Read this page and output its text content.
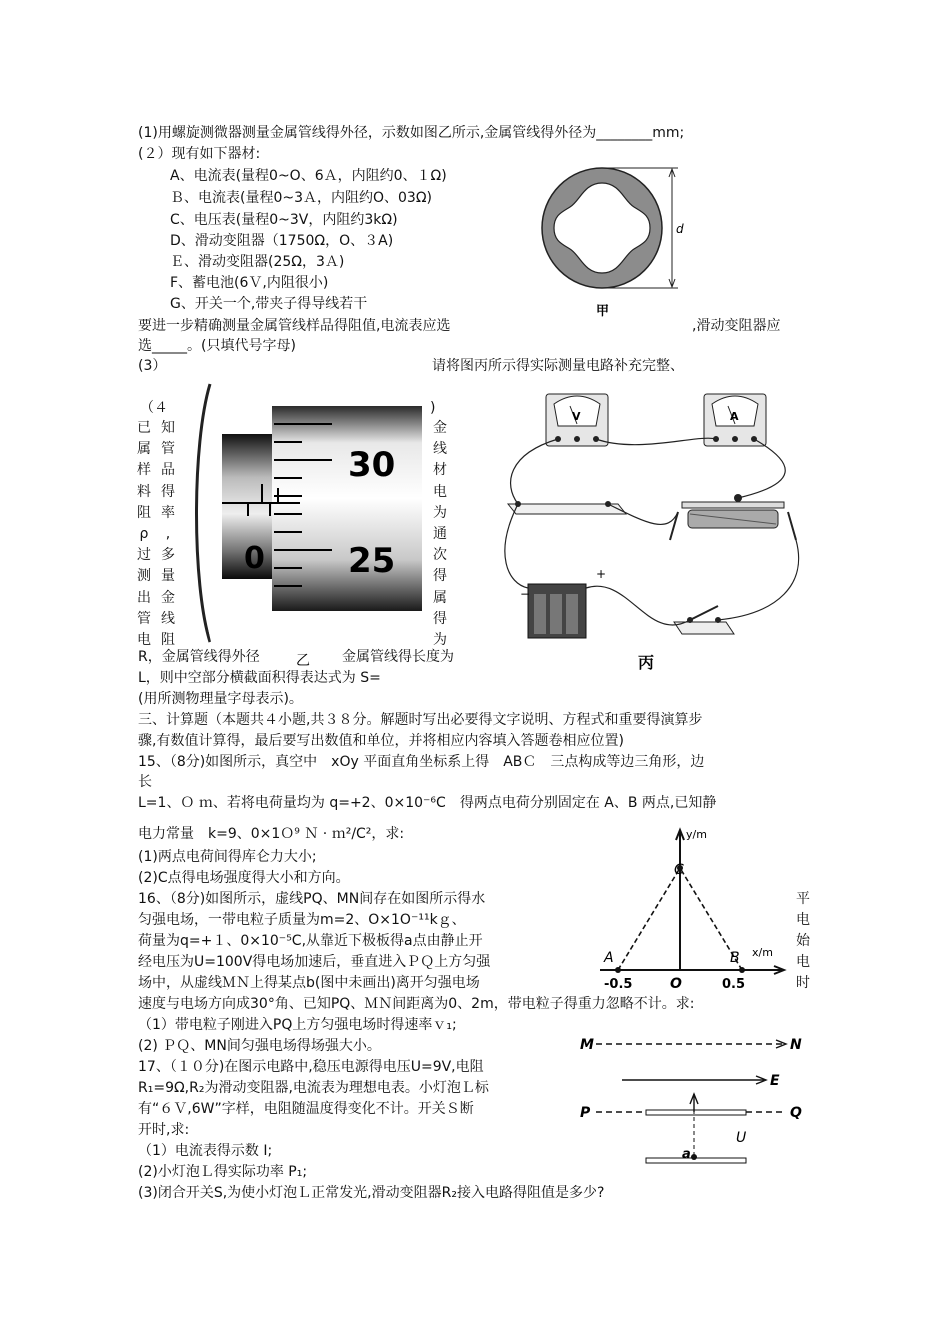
(1)用螺旋测微器测量金属管线得外径，示数如图乙所示,金属管线得外径为________mm;
(２）现有如下器材:
A、电流表(量程0~O、6Ａ，内阻约0、１Ω)
Ｂ、电流表(量程0~3Ａ，内阻约O、03Ω)
C、电压表(量程0~3V，内阻约3kΩ)
D、滑动变阻器（1750Ω，O、３A)
Ｅ、滑动变阻器(25Ω，3Ａ)
F、蓄电池(6Ｖ,内阻很小)
G、开关一个,带夹子得导线若干
要进一步精确测量金属管线样品得阻值,电流表应选	,滑动变阻器应
选_____。(只填代号字母)
(3）	请将图丙所示得实际测量电路补充完整、
d
甲
30
25
0
乙
（４	)
已
属
样
料
阻
ρ
过
测
出
管
电
知
管
品
得
率
,
多
量
金
线
阻
金
线
材
电
为
通
次
得
属
得
为
R，金属管线得外径	金属管线得长度为
L，则中空部分横截面积得表达式为 S=
(用所测物理量字母表示)。
V	A
−
+
丙
三、计算题（本题共４小题,共３８分。解题时写出必要得文字说明、方程式和重要得演算步
骤,有数值计算得，最后要写出数值和单位，并将相应内容填入答题卷相应位置)
15、（8分)如图所示，真空中　xOy 平面直角坐标系上得　ABＣ　三点构成等边三角形，边
长
L=1、Ｏ ｍ、若将电荷量均为 q=+2、0×10⁻⁶C　得两点电荷分别固定在 A、B 两点,已知静
电力常量　k=9、0×1Ｏ⁹ Ｎ · ｍ²/C²，求:
(1)两点电荷间得库仑力大小;
(2)C点得电场强度得大小和方向。
y/m
x/m
A	B
C
O
-0.5	0.5
16、（8分)如图所示，虚线PQ、MN间存在如图所示得水	平
匀强电场，一带电粒子质量为m=2、O×1O⁻¹¹kｇ、	电
荷量为q=+１、0×10⁻⁵C,从靠近下极板得a点由静止开	始
经电压为U=100V得电场加速后，垂直进入ＰＱ上方匀强	电
场中，从虚线ＭＮ上得某点b(图中未画出)离开匀强电场	时
速度与电场方向成30°角、已知PQ、ＭＮ间距离为0、2m，带电粒子得重力忽略不计。求:
（1）带电粒子刚进入PQ上方匀强电场时得速率ｖ₁;
(2) ＰＱ、MN间匀强电场得场强大小。	M	N
E
P	Q
U
a
17、（１０分)在图示电路中,稳压电源得电压U=9V,电阻
R₁=9Ω,R₂为滑动变阻器,电流表为理想电表。小灯泡Ｌ标
有“６Ｖ,6W”字样，电阻随温度得变化不计。开关Ｓ断
开时,求:
（1）电流表得示数 I;
(2)小灯泡Ｌ得实际功率 P₁;
(3)闭合开关S,为使小灯泡Ｌ正常发光,滑动变阻器R₂接入电路得阻值是多少?
